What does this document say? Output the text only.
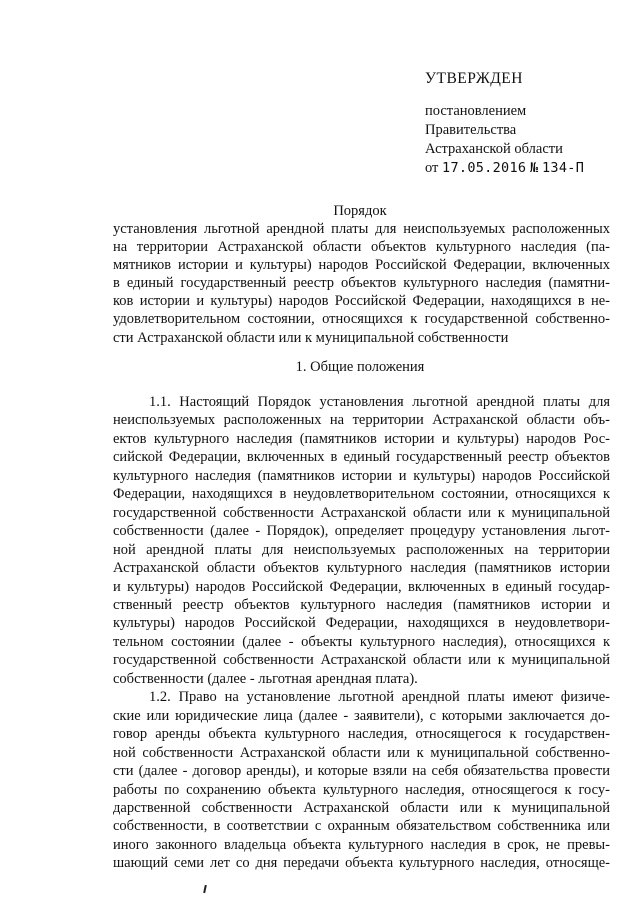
УТВЕРЖДЕН
постановлением
Правительства
Астраханской области
от 17.05.2016 № 134-П
Порядок
установления льготной арендной платы для неиспользуемых расположенных
на территории Астраханской области объектов культурного наследия (па-
мятников истории и культуры) народов Российской Федерации, включенных
в единый государственный реестр объектов культурного наследия (памятни-
ков истории и культуры) народов Российской Федерации, находящихся в не-
удовлетворительном состоянии, относящихся к государственной собственно-
сти Астраханской области или к муниципальной собственности
1. Общие положения
1.1. Настоящий Порядок установления льготной арендной платы для
неиспользуемых расположенных на территории Астраханской области объ-
ектов культурного наследия (памятников истории и культуры) народов Рос-
сийской Федерации, включенных в единый государственный реестр объектов
культурного наследия (памятников истории и культуры) народов Российской
Федерации, находящихся в неудовлетворительном состоянии, относящихся к
государственной собственности Астраханской области или к муниципальной
собственности (далее - Порядок), определяет процедуру установления льгот-
ной арендной платы для неиспользуемых расположенных на территории
Астраханской области объектов культурного наследия (памятников истории
и культуры) народов Российской Федерации, включенных в единый государ-
ственный реестр объектов культурного наследия (памятников истории и
культуры) народов Российской Федерации, находящихся в неудовлетвори-
тельном состоянии (далее - объекты культурного наследия), относящихся к
государственной собственности Астраханской области или к муниципальной
собственности (далее - льготная арендная плата).
1.2. Право на установление льготной арендной платы имеют физиче-
ские или юридические лица (далее - заявители), с которыми заключается до-
говор аренды объекта культурного наследия, относящегося к государствен-
ной собственности Астраханской области или к муниципальной собственно-
сти (далее - договор аренды), и которые взяли на себя обязательства провести
работы по сохранению объекта культурного наследия, относящегося к госу-
дарственной собственности Астраханской области или к муниципальной
собственности, в соответствии с охранным обязательством собственника или
иного законного владельца объекта культурного наследия в срок, не превы-
шающий семи лет со дня передачи объекта культурного наследия, относяще-
